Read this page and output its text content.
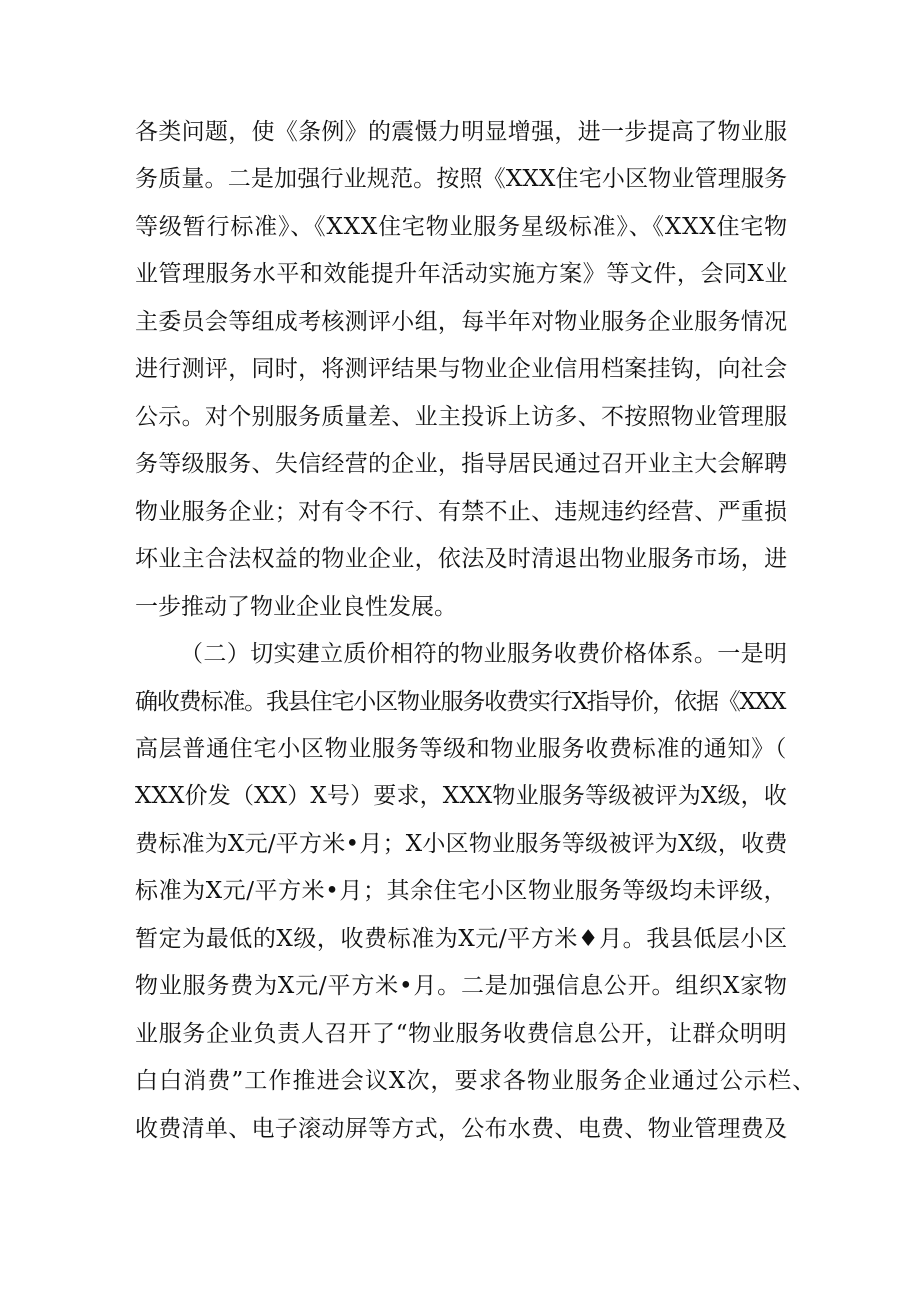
各类问题，使《条例》的震慑力明显增强，进一步提高了物业服
务质量。二是加强行业规范。按照《XXX住宅小区物业管理服务
等级暂行标准》、《XXX住宅物业服务星级标准》、《XXX住宅物
业管理服务水平和效能提升年活动实施方案》等文件，会同X业
主委员会等组成考核测评小组，每半年对物业服务企业服务情况
进行测评，同时，将测评结果与物业企业信用档案挂钩，向社会
公示。对个别服务质量差、业主投诉上访多、不按照物业管理服
务等级服务、失信经营的企业，指导居民通过召开业主大会解聘
物业服务企业；对有令不行、有禁不止、违规违约经营、严重损
坏业主合法权益的物业企业，依法及时清退出物业服务市场，进
一步推动了物业企业良性发展。
（二）切实建立质价相符的物业服务收费价格体系。一是明
确收费标准。我县住宅小区物业服务收费实行X指导价，依据《XXX
高层普通住宅小区物业服务等级和物业服务收费标准的通知》（
XXX价发（XX）X号）要求，XXX物业服务等级被评为X级，收
费标准为X元/平方米•月；X小区物业服务等级被评为X级，收费
标准为X元/平方米•月；其余住宅小区物业服务等级均未评级，
暂定为最低的X级，收费标准为X元/平方米♦月。我县低层小区
物业服务费为X元/平方米•月。二是加强信息公开。组织X家物
业服务企业负责人召开了“物业服务收费信息公开，让群众明明
白白消费”工作推进会议X次，要求各物业服务企业通过公示栏、
收费清单、电子滚动屏等方式，公布水费、电费、物业管理费及
